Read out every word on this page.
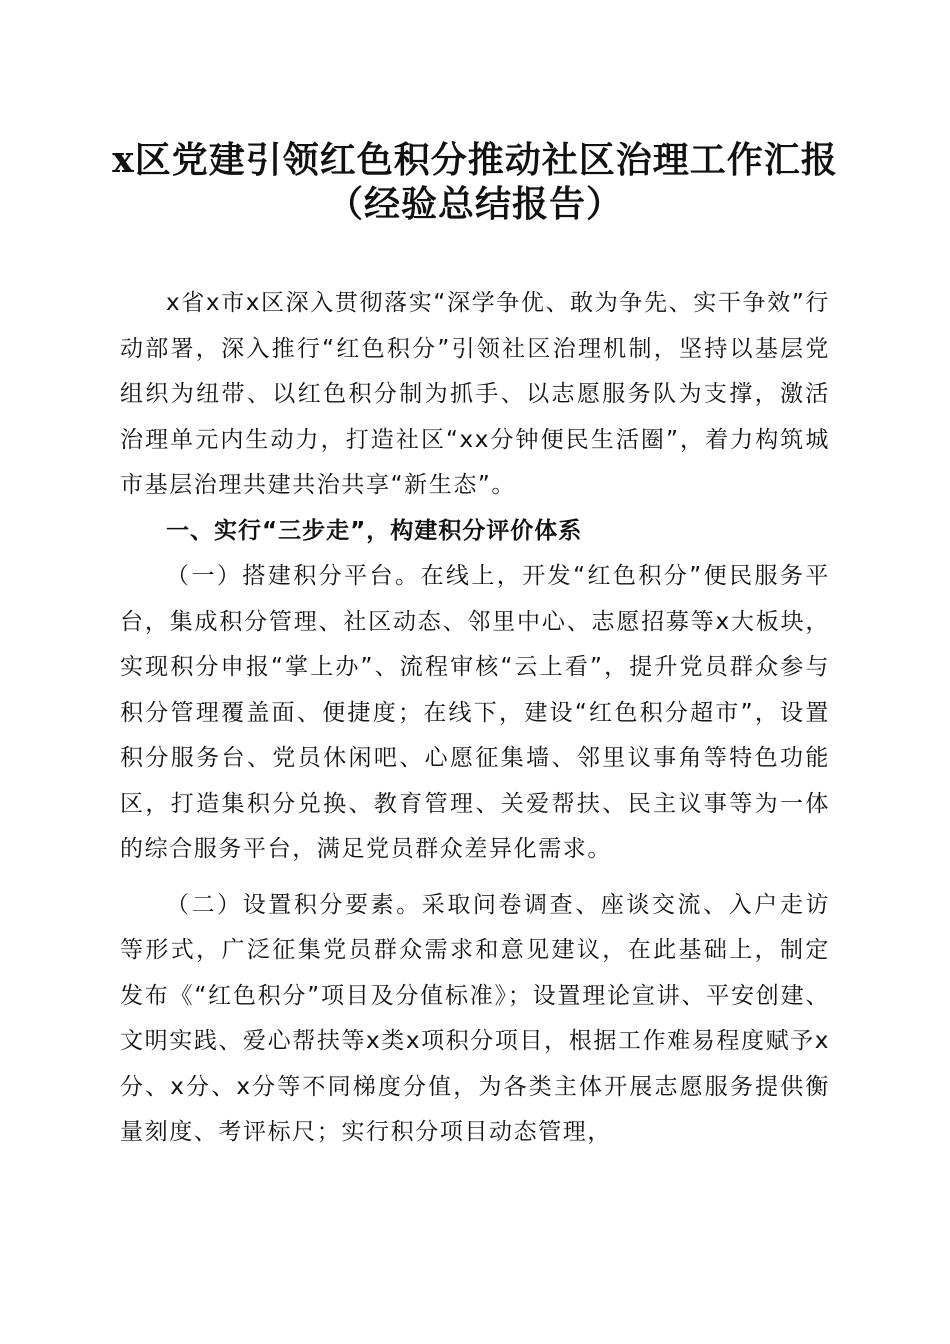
x区党建引领红色积分推动社区治理工作汇报
（经验总结报告）

x省x市x区深入贯彻落实“深学争优、敢为争先、实干争效”行动部署，深入推行“红色积分”引领社区治理机制，坚持以基层党组织为纽带、以红色积分制为抓手、以志愿服务队为支撑，激活治理单元内生动力，打造社区“xx分钟便民生活圈”，着力构筑城市基层治理共建共治共享“新生态”。

一、实行“三步走”，构建积分评价体系

（一）搭建积分平台。在线上，开发“红色积分”便民服务平台，集成积分管理、社区动态、邻里中心、志愿招募等x大板块，实现积分申报“掌上办”、流程审核“云上看”，提升党员群众参与积分管理覆盖面、便捷度；在线下，建设“红色积分超市”，设置积分服务台、党员休闲吧、心愿征集墙、邻里议事角等特色功能区，打造集积分兑换、教育管理、关爱帮扶、民主议事等为一体的综合服务平台，满足党员群众差异化需求。

（二）设置积分要素。采取问卷调查、座谈交流、入户走访等形式，广泛征集党员群众需求和意见建议，在此基础上，制定发布《“红色积分”项目及分值标准》；设置理论宣讲、平安创建、文明实践、爱心帮扶等x类x项积分项目，根据工作难易程度赋予x分、x分、x分等不同梯度分值，为各类主体开展志愿服务提供衡量刻度、考评标尺；实行积分项目动态管理，
